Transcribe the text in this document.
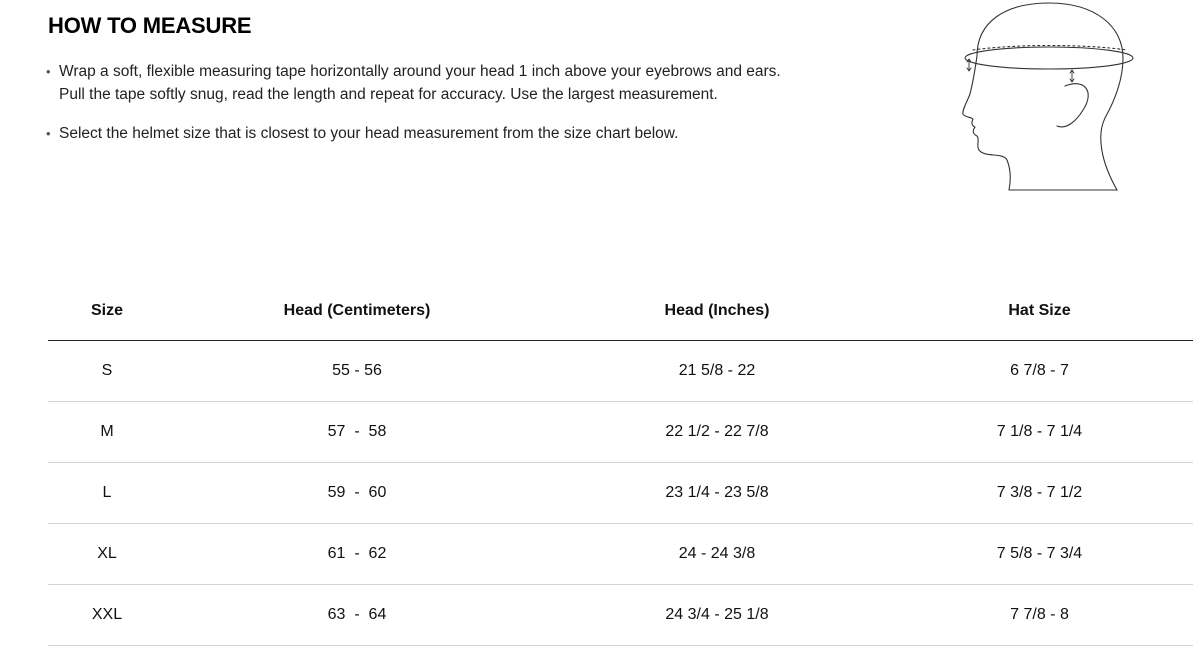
HOW TO MEASURE
• Wrap a soft, flexible measuring tape horizontally around your head 1 inch above your eyebrows and ears. Pull the tape softly snug, read the length and repeat for accuracy. Use the largest measurement.
• Select the helmet size that is closest to your head measurement from the size chart below.
Size	Head (Centimeters)	Head (Inches)	Hat Size
S	55 - 56	21 5/8 - 22	6 7/8 - 7
M	57  -  58	22 1/2 - 22 7/8	7 1/8 - 7 1/4
L	59  -  60	23 1/4 - 23 5/8	7 3/8 - 7 1/2
XL	61  -  62	24 - 24 3/8	7 5/8 - 7 3/4
XXL	63  -  64	24 3/4 - 25 1/8	7 7/8 - 8
